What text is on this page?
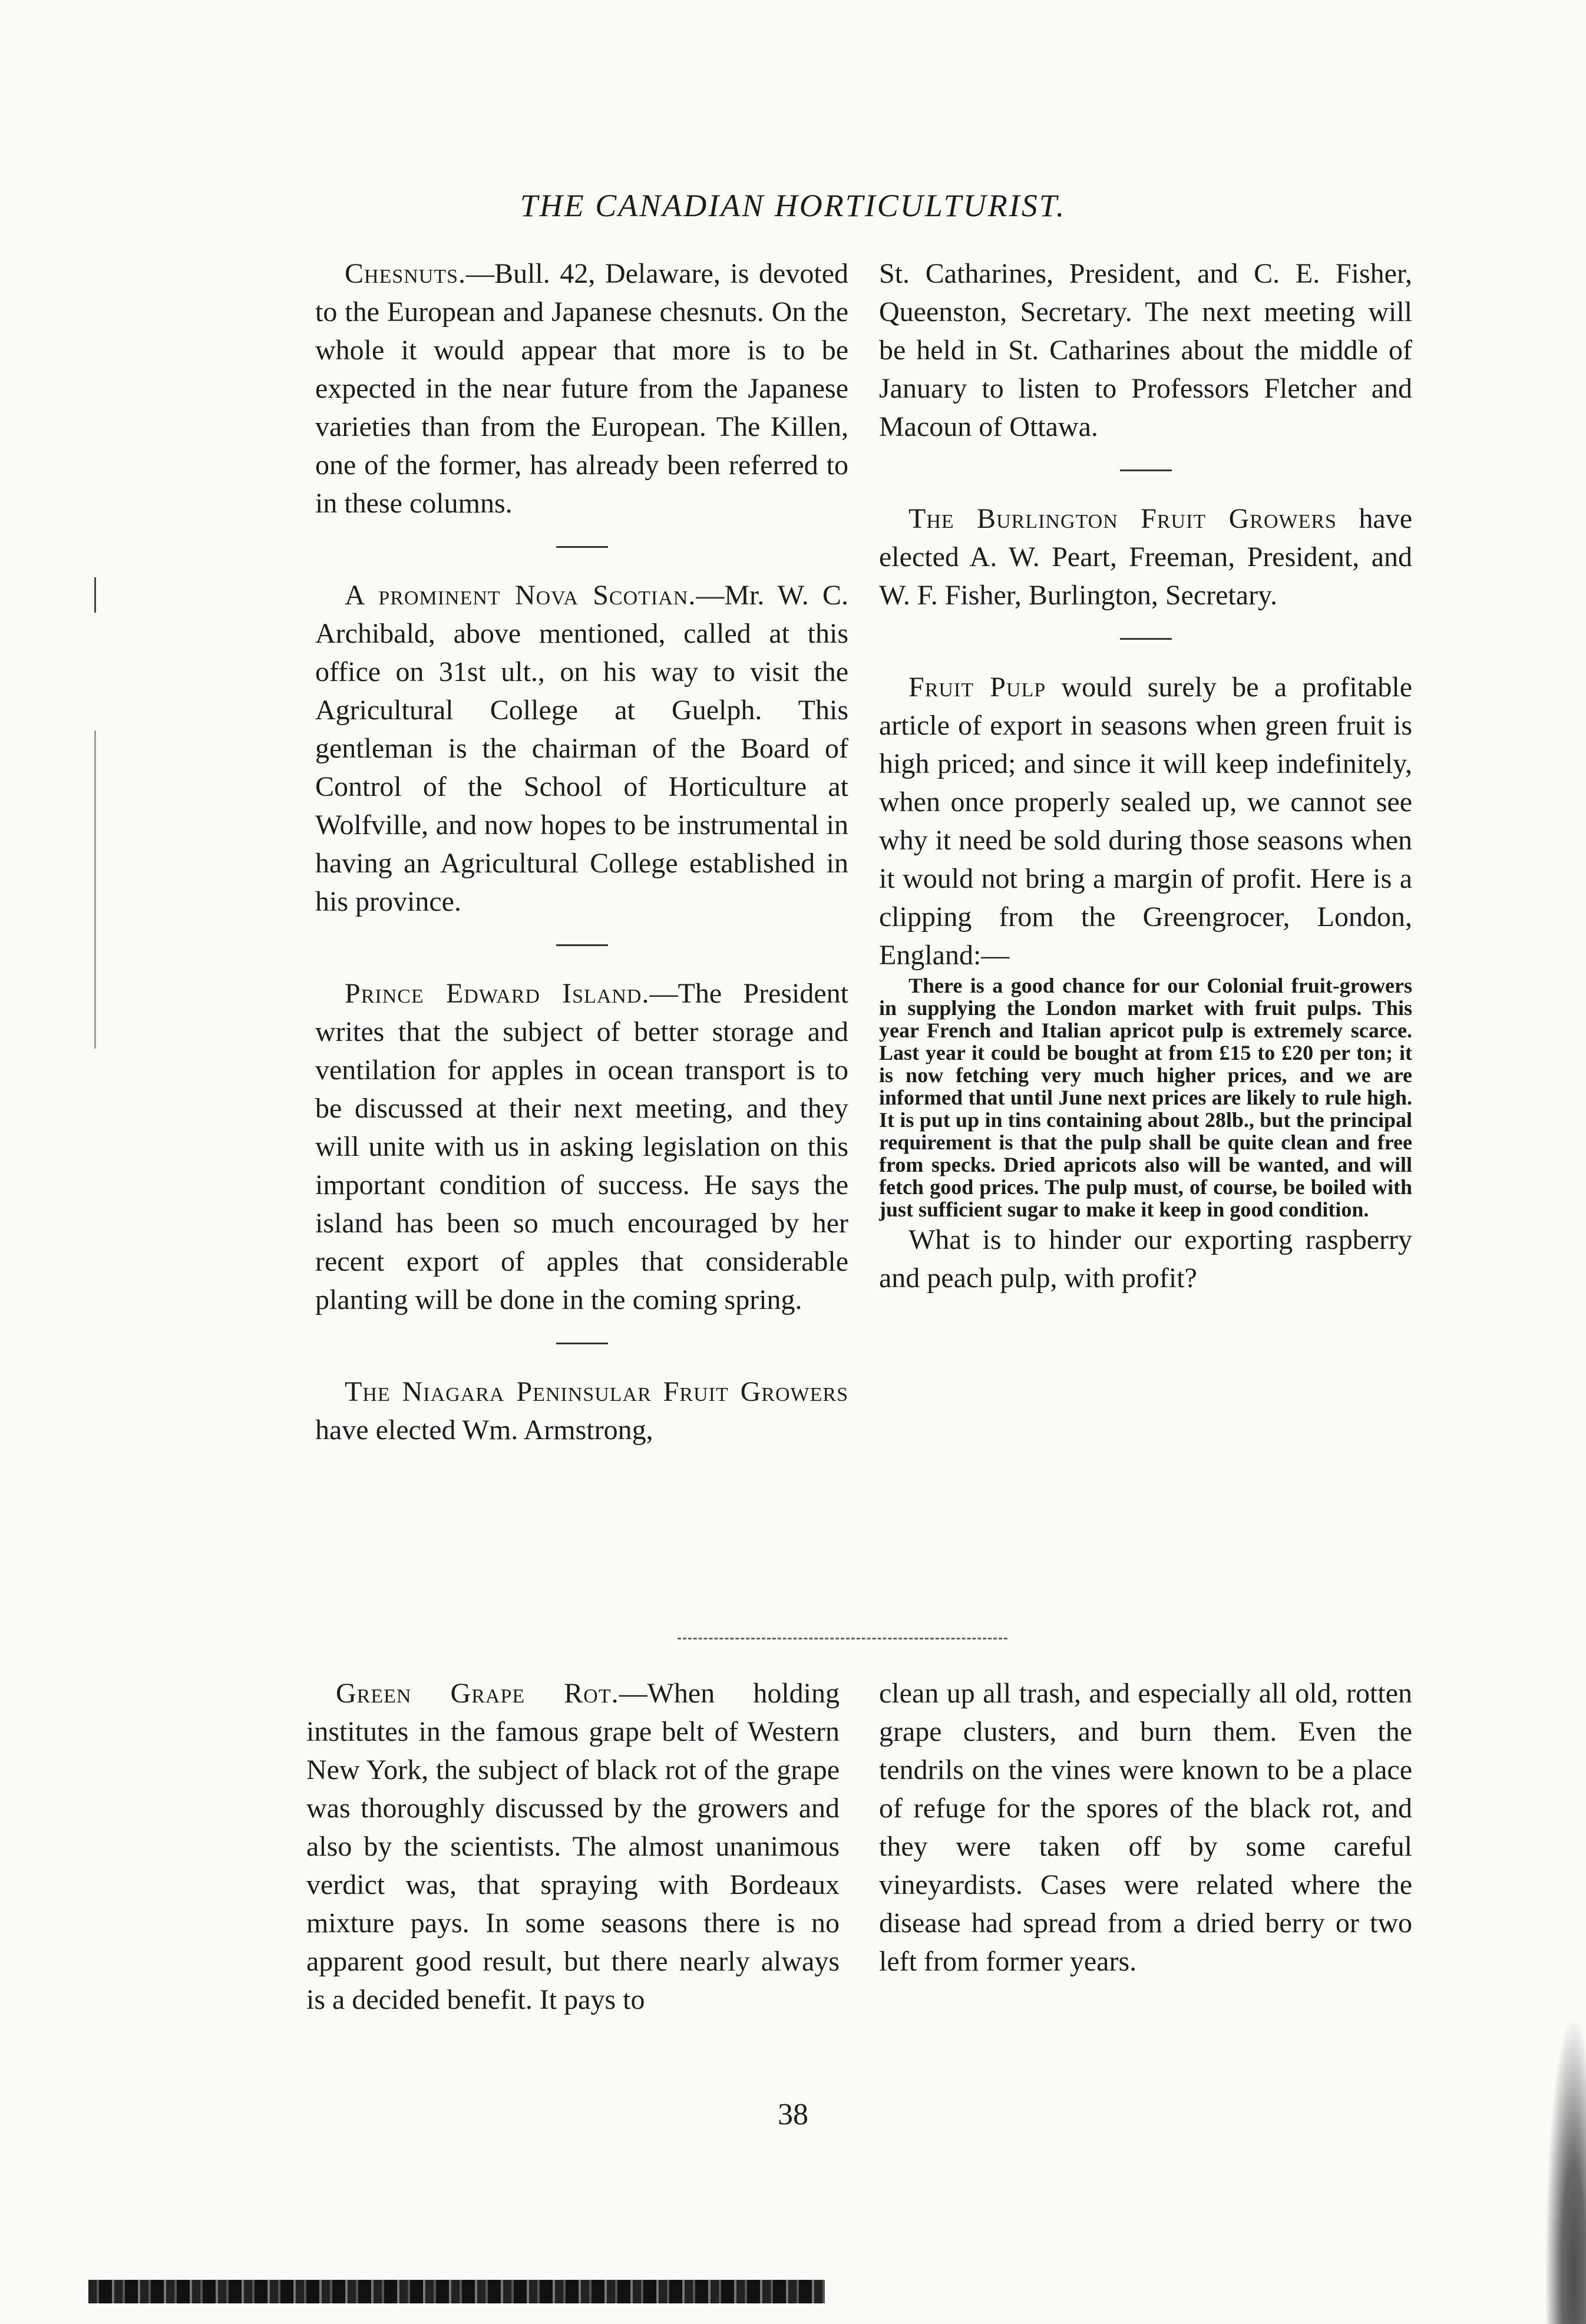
THE CANADIAN HORTICULTURIST.

Chesnuts.—Bull. 42, Delaware, is devoted to the European and Japanese chesnuts. On the whole it would appear that more is to be expected in the near future from the Japanese varieties than from the European. The Killen, one of the former, has already been referred to in these columns.

A prominent Nova Scotian.—Mr. W. C. Archibald, above mentioned, called at this office on 31st ult., on his way to visit the Agricultural College at Guelph. This gentleman is the chairman of the Board of Control of the School of Horticulture at Wolfville, and now hopes to be instrumental in having an Agricultural College established in his province.

Prince Edward Island.—The President writes that the subject of better storage and ventilation for apples in ocean transport is to be discussed at their next meeting, and they will unite with us in asking legislation on this important condition of success. He says the island has been so much encouraged by her recent export of apples that considerable planting will be done in the coming spring.

The Niagara Peninsular Fruit Growers have elected Wm. Armstrong,

St. Catharines, President, and C. E. Fisher, Queenston, Secretary. The next meeting will be held in St. Catharines about the middle of January to listen to Professors Fletcher and Macoun of Ottawa.

The Burlington Fruit Growers have elected A. W. Peart, Freeman, President, and W. F. Fisher, Burlington, Secretary.

Fruit Pulp would surely be a profitable article of export in seasons when green fruit is high priced; and since it will keep indefinitely, when once properly sealed up, we cannot see why it need be sold during those seasons when it would not bring a margin of profit. Here is a clipping from the Greengrocer, London, England:—

There is a good chance for our Colonial fruit-growers in supplying the London market with fruit pulps. This year French and Italian apricot pulp is extremely scarce. Last year it could be bought at from £15 to £20 per ton; it is now fetching very much higher prices, and we are informed that until June next prices are likely to rule high. It is put up in tins containing about 28lb., but the principal requirement is that the pulp shall be quite clean and free from specks. Dried apricots also will be wanted, and will fetch good prices. The pulp must, of course, be boiled with just sufficient sugar to make it keep in good condition.

What is to hinder our exporting raspberry and peach pulp, with profit?

Green Grape Rot.—When holding institutes in the famous grape belt of Western New York, the subject of black rot of the grape was thoroughly discussed by the growers and also by the scientists. The almost unanimous verdict was, that spraying with Bordeaux mixture pays. In some seasons there is no apparent good result, but there nearly always is a decided benefit. It pays to

clean up all trash, and especially all old, rotten grape clusters, and burn them. Even the tendrils on the vines were known to be a place of refuge for the spores of the black rot, and they were taken off by some careful vineyardists. Cases were related where the disease had spread from a dried berry or two left from former years.

38
